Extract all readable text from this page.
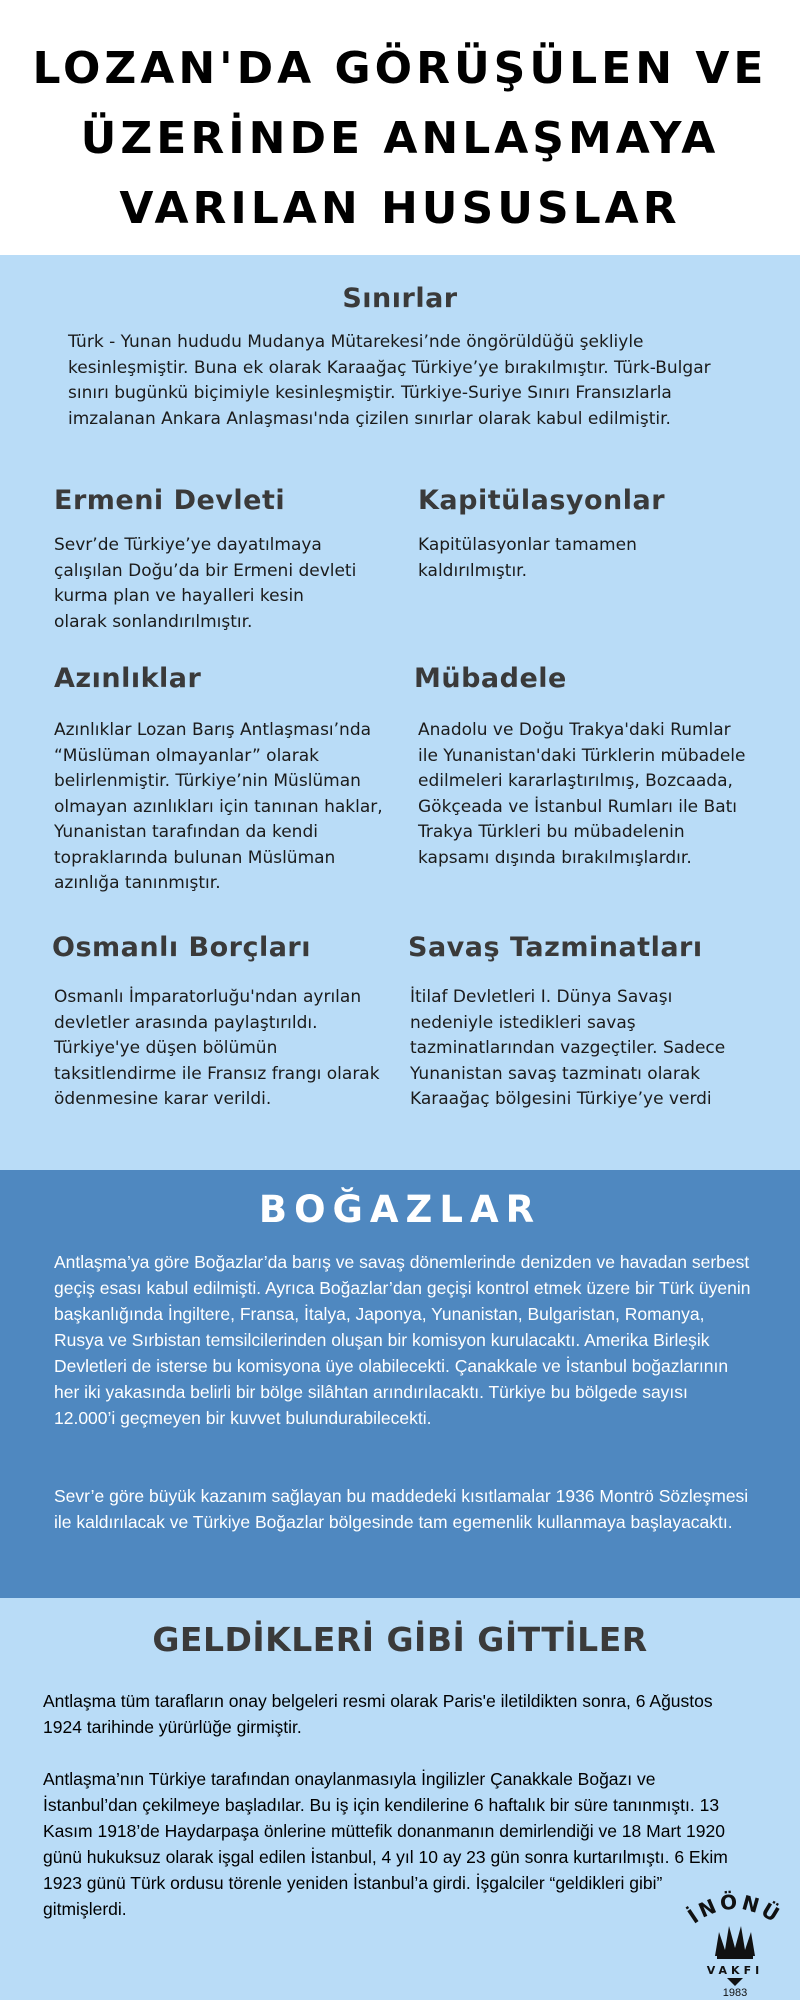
LOZAN'DA GÖRÜŞÜLEN VE ÜZERİNDE ANLAŞMAYA VARILAN HUSUSLAR
Sınırlar

Türk - Yunan hududu Mudanya Mütarekesi’nde öngörüldüğü şekliyle kesinleşmiştir. Buna ek olarak Karaağaç Türkiye’ye bırakılmıştır. Türk-Bulgar sınırı bugünkü biçimiyle kesinleşmiştir. Türkiye-Suriye Sınırı Fransızlarla imzalanan Ankara Anlaşması'nda çizilen sınırlar olarak kabul edilmiştir.

Ermeni Devleti

Sevr’de Türkiye’ye dayatılmaya çalışılan Doğu’da bir Ermeni devleti kurma plan ve hayalleri kesin olarak sonlandırılmıştır.

Kapitülasyonlar

Kapitülasyonlar tamamen kaldırılmıştır.

Azınlıklar

Azınlıklar Lozan Barış Antlaşması’nda “Müslüman olmayanlar” olarak belirlenmiştir. Türkiye’nin Müslüman olmayan azınlıkları için tanınan haklar, Yunanistan tarafından da kendi topraklarında bulunan Müslüman azınlığa tanınmıştır.

Mübadele

Anadolu ve Doğu Trakya'daki Rumlar ile Yunanistan'daki Türklerin mübadele edilmeleri kararlaştırılmış, Bozcaada, Gökçeada ve İstanbul Rumları ile Batı Trakya Türkleri bu mübadelenin kapsamı dışında bırakılmışlardır.

Osmanlı Borçları

Osmanlı İmparatorluğu'ndan ayrılan devletler arasında paylaştırıldı. Türkiye'ye düşen bölümün taksitlendirme ile Fransız frangı olarak ödenmesine karar verildi.

Savaş Tazminatları

İtilaf Devletleri I. Dünya Savaşı nedeniyle istedikleri savaş tazminatlarından vazgeçtiler. Sadece Yunanistan savaş tazminatı olarak Karaağaç bölgesini Türkiye’ye verdi

BOĞAZLAR

Antlaşma’ya göre Boğazlar’da barış ve savaş dönemlerinde denizden ve havadan serbest geçiş esası kabul edilmişti. Ayrıca Boğazlar’dan geçişi kontrol etmek üzere bir Türk üyenin başkanlığında İngiltere, Fransa, İtalya, Japonya, Yunanistan, Bulgaristan, Romanya, Rusya ve Sırbistan temsilcilerinden oluşan bir komisyon kurulacaktı. Amerika Birleşik Devletleri de isterse bu komisyona üye olabilecekti. Çanakkale ve İstanbul boğazlarının her iki yakasında belirli bir bölge silâhtan arındırılacaktı. Türkiye bu bölgede sayısı 12.000’i geçmeyen bir kuvvet bulundurabilecekti.

Sevr’e göre büyük kazanım sağlayan bu maddedeki kısıtlamalar 1936 Montrö Sözleşmesi ile kaldırılacak ve Türkiye Boğazlar bölgesinde tam egemenlik kullanmaya başlayacaktı.

GELDİKLERİ GİBİ GİTTİLER

Antlaşma tüm tarafların onay belgeleri resmi olarak Paris'e iletildikten sonra, 6 Ağustos 1924 tarihinde yürürlüğe girmiştir.

Antlaşma’nın Türkiye tarafından onaylanmasıyla İngilizler Çanakkale Boğazı ve İstanbul’dan çekilmeye başladılar. Bu iş için kendilerine 6 haftalık bir süre tanınmıştı. 13 Kasım 1918’de Haydarpaşa önlerine müttefik donanmanın demirlendiği ve 18 Mart 1920 günü hukuksuz olarak işgal edilen İstanbul, 4 yıl 10 ay 23 gün sonra kurtarılmıştı. 6 Ekim 1923 günü Türk ordusu törenle yeniden İstanbul’a girdi. İşgalciler “geldikleri gibi” gitmişlerdi.	İNÖNÜ
VAKFI
1983
